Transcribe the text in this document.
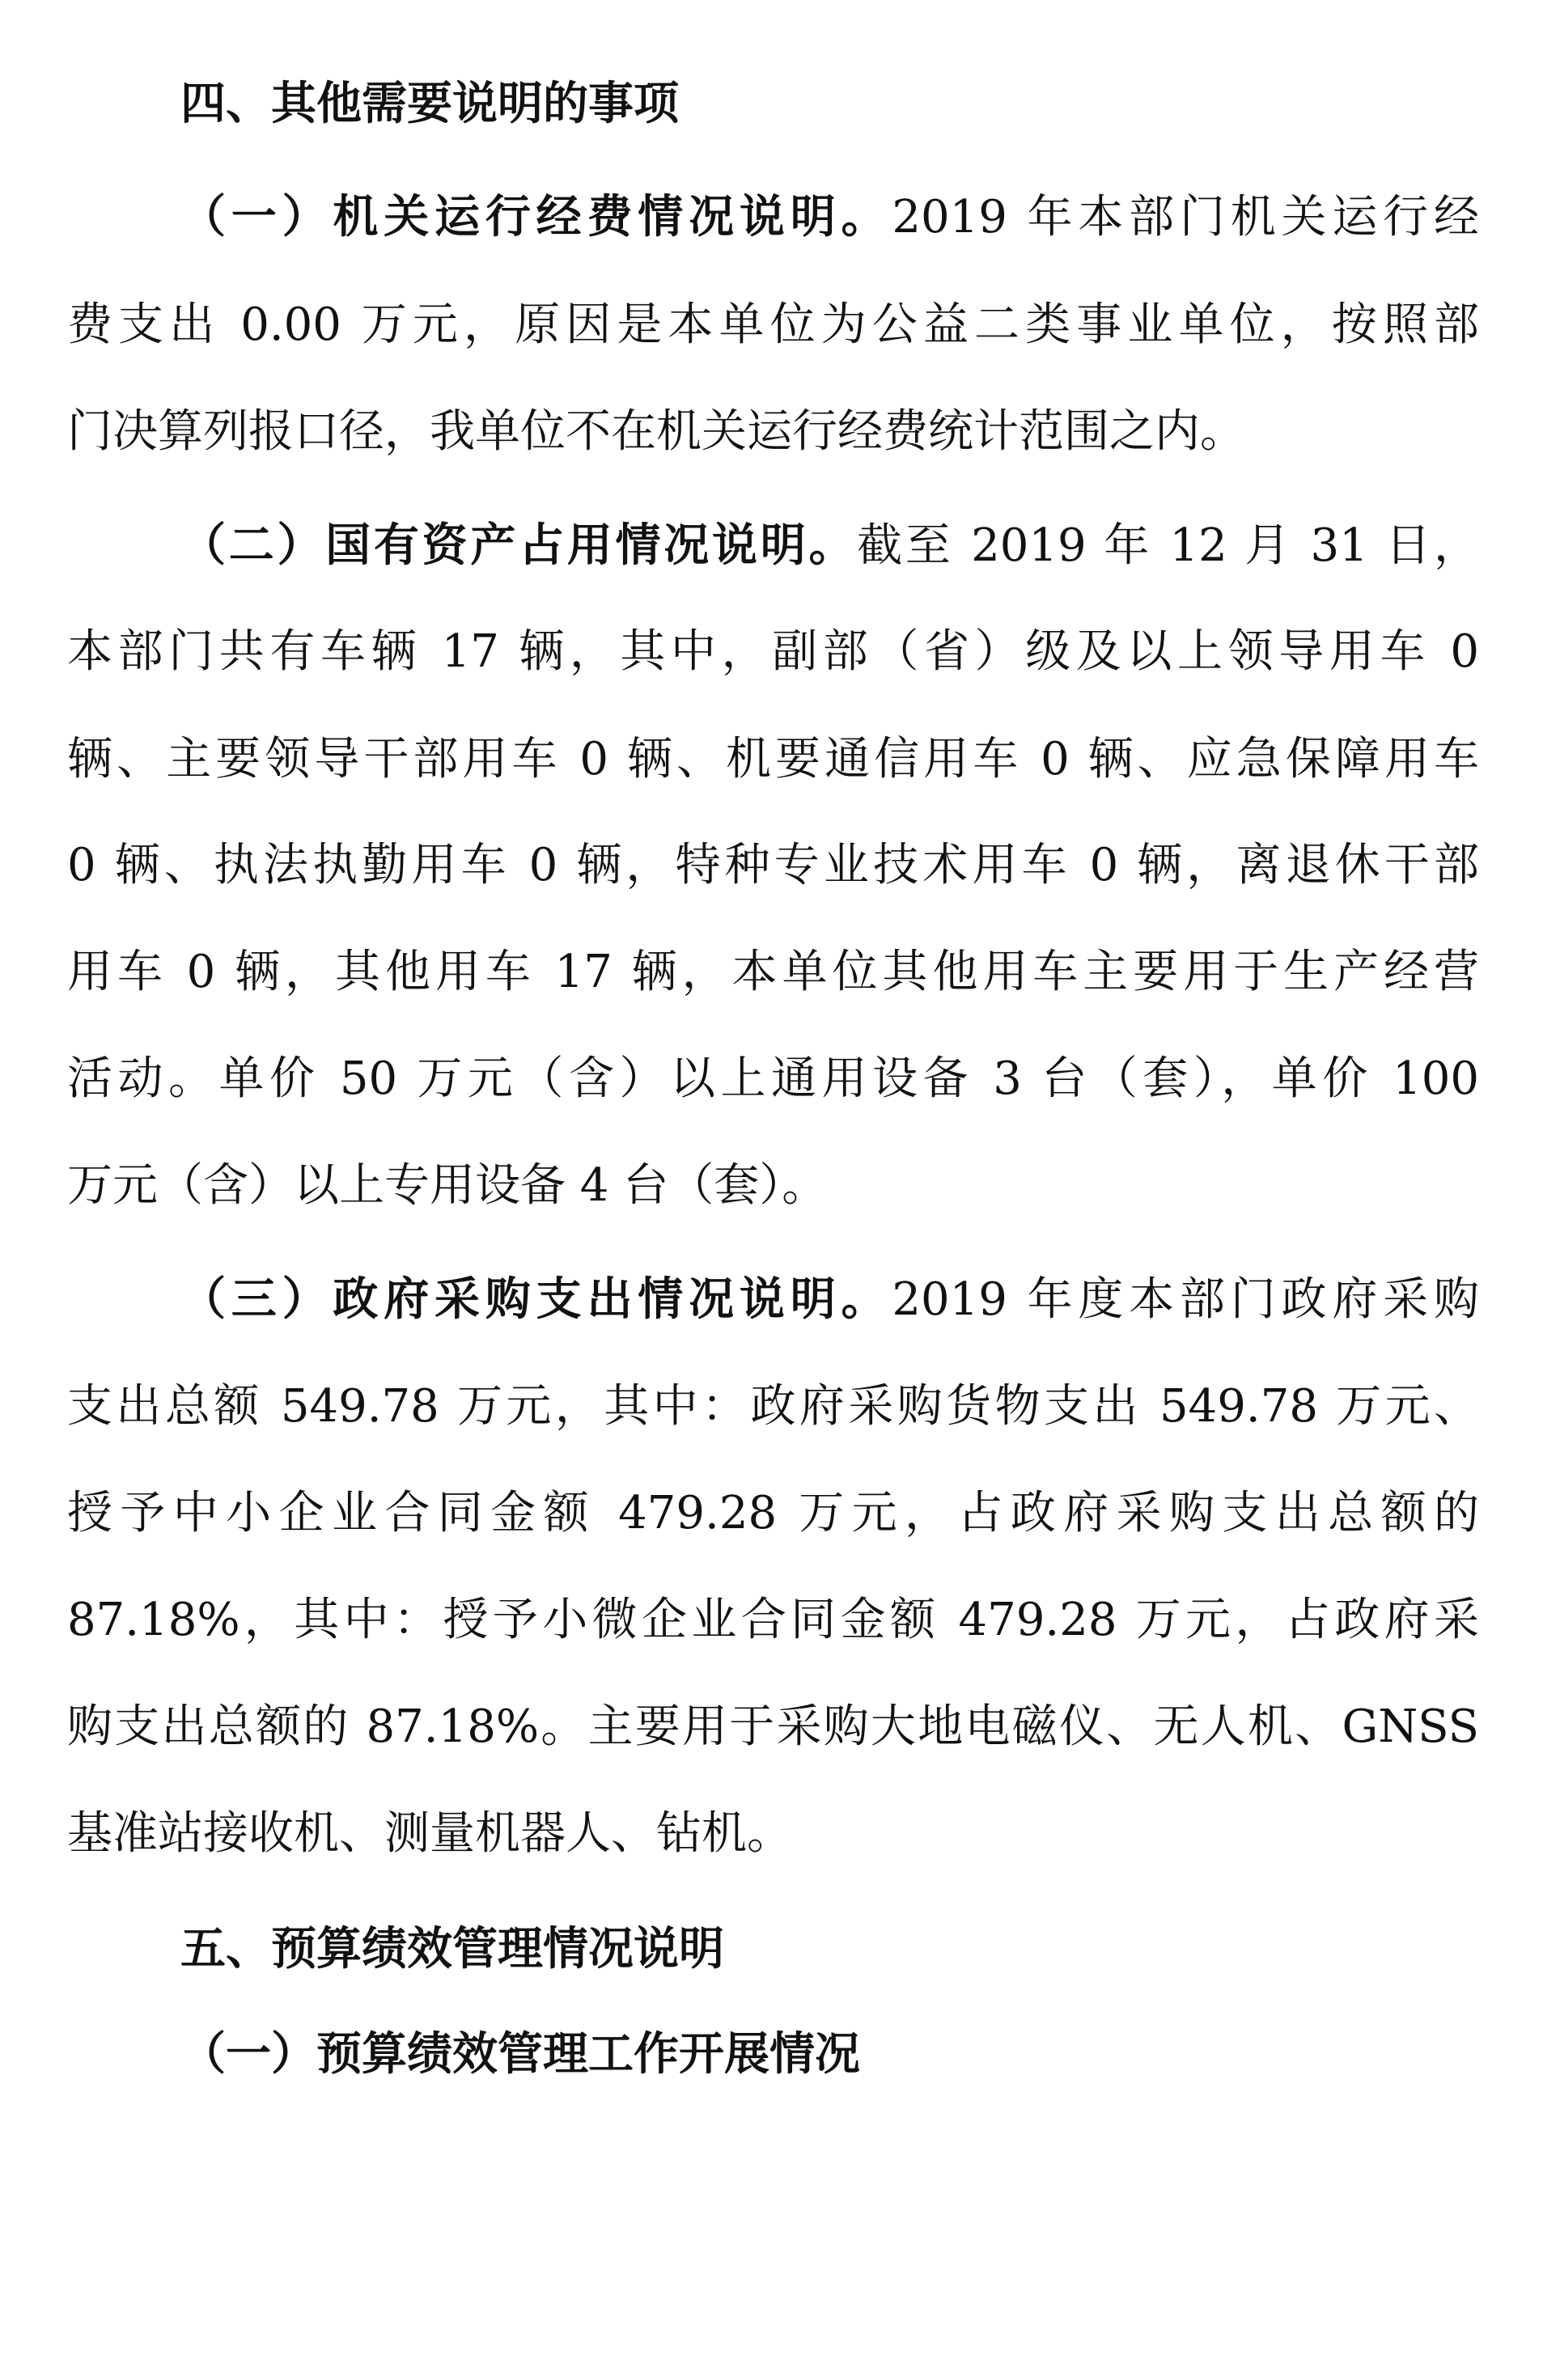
四、其他需要说明的事项
（一）机关运行经费情况说明。2019 年本部门机关运行经
费支出 0.00 万元，原因是本单位为公益二类事业单位，按照部
门决算列报口径，我单位不在机关运行经费统计范围之内。
（二）国有资产占用情况说明。截至 2019 年 12 月 31 日，
本部门共有车辆 17 辆，其中，副部（省）级及以上领导用车 0
辆、主要领导干部用车 0 辆、机要通信用车 0 辆、应急保障用车
0 辆、执法执勤用车 0 辆，特种专业技术用车 0 辆，离退休干部
用车 0 辆，其他用车 17 辆，本单位其他用车主要用于生产经营
活动。单价 50 万元（含）以上通用设备 3 台（套），单价 100
万元（含）以上专用设备 4 台（套）。
（三）政府采购支出情况说明。2019 年度本部门政府采购
支出总额 549.78 万元，其中：政府采购货物支出 549.78 万元、
授予中小企业合同金额 479.28 万元，占政府采购支出总额的
87.18%，其中：授予小微企业合同金额 479.28 万元，占政府采
购支出总额的 87.18%。主要用于采购大地电磁仪、无人机、GNSS
基准站接收机、测量机器人、钻机。
五、预算绩效管理情况说明
（一）预算绩效管理工作开展情况
